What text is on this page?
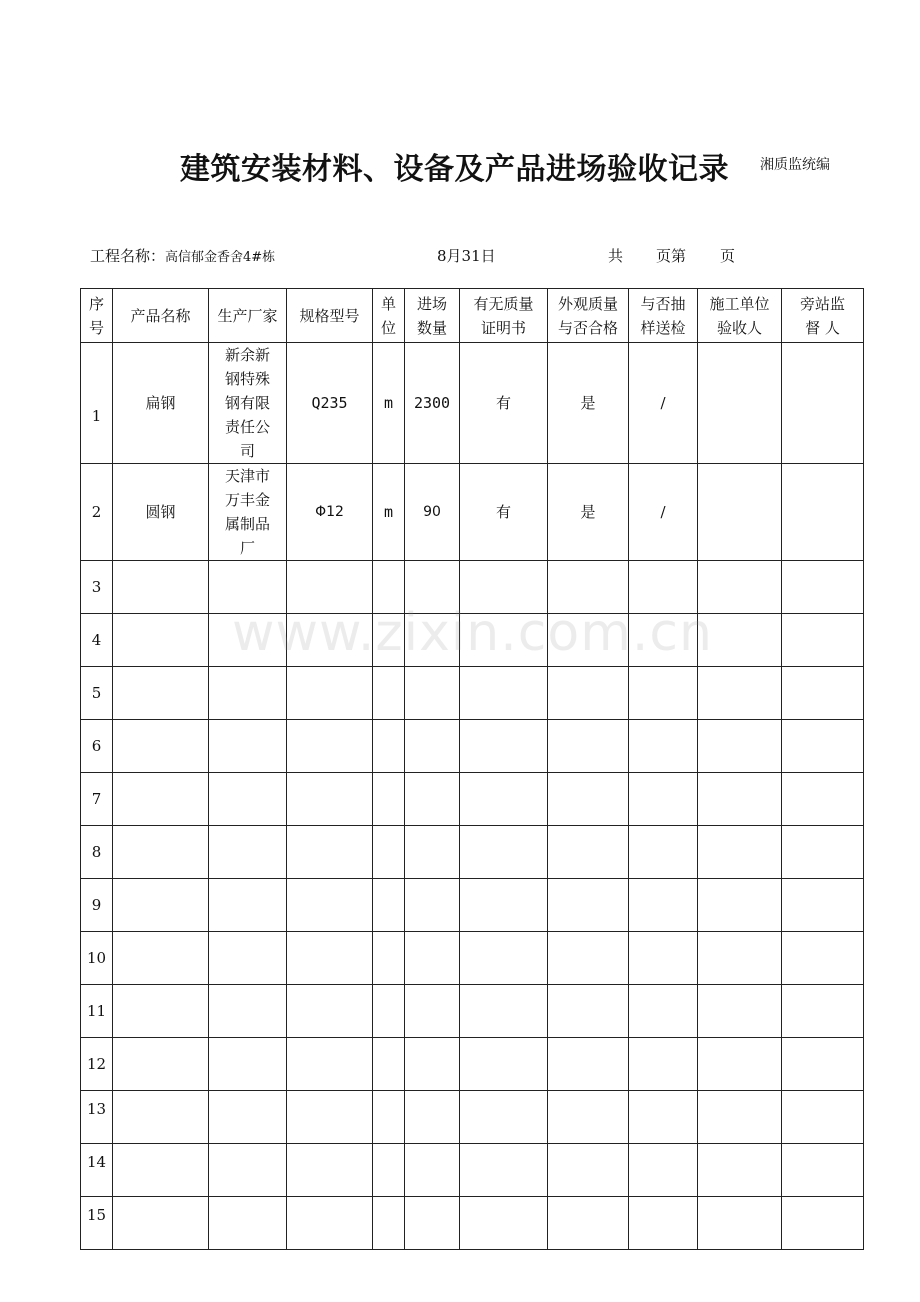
建筑安装材料、设备及产品进场验收记录 湘质监统编
工程名称：高信郁金香舍4#栋	8月31日	共 页第 页
序号	产品名称	生产厂家	规格型号	单位	进场数量	有无质量证明书	外观质量与否合格	与否抽样送检	施工单位验收人	旁站监督 人
1	扁钢	新余新钢特殊钢有限责任公司	Q235	m	2300	有	是	/		
2	圆钢	天津市万丰金属制品厂	Φ12	m	90	有	是	/		
3										
4										
5										
6										
7										
8										
9										
10										
11										
12										
13										
14										
15										
www.zixin.com.cn
